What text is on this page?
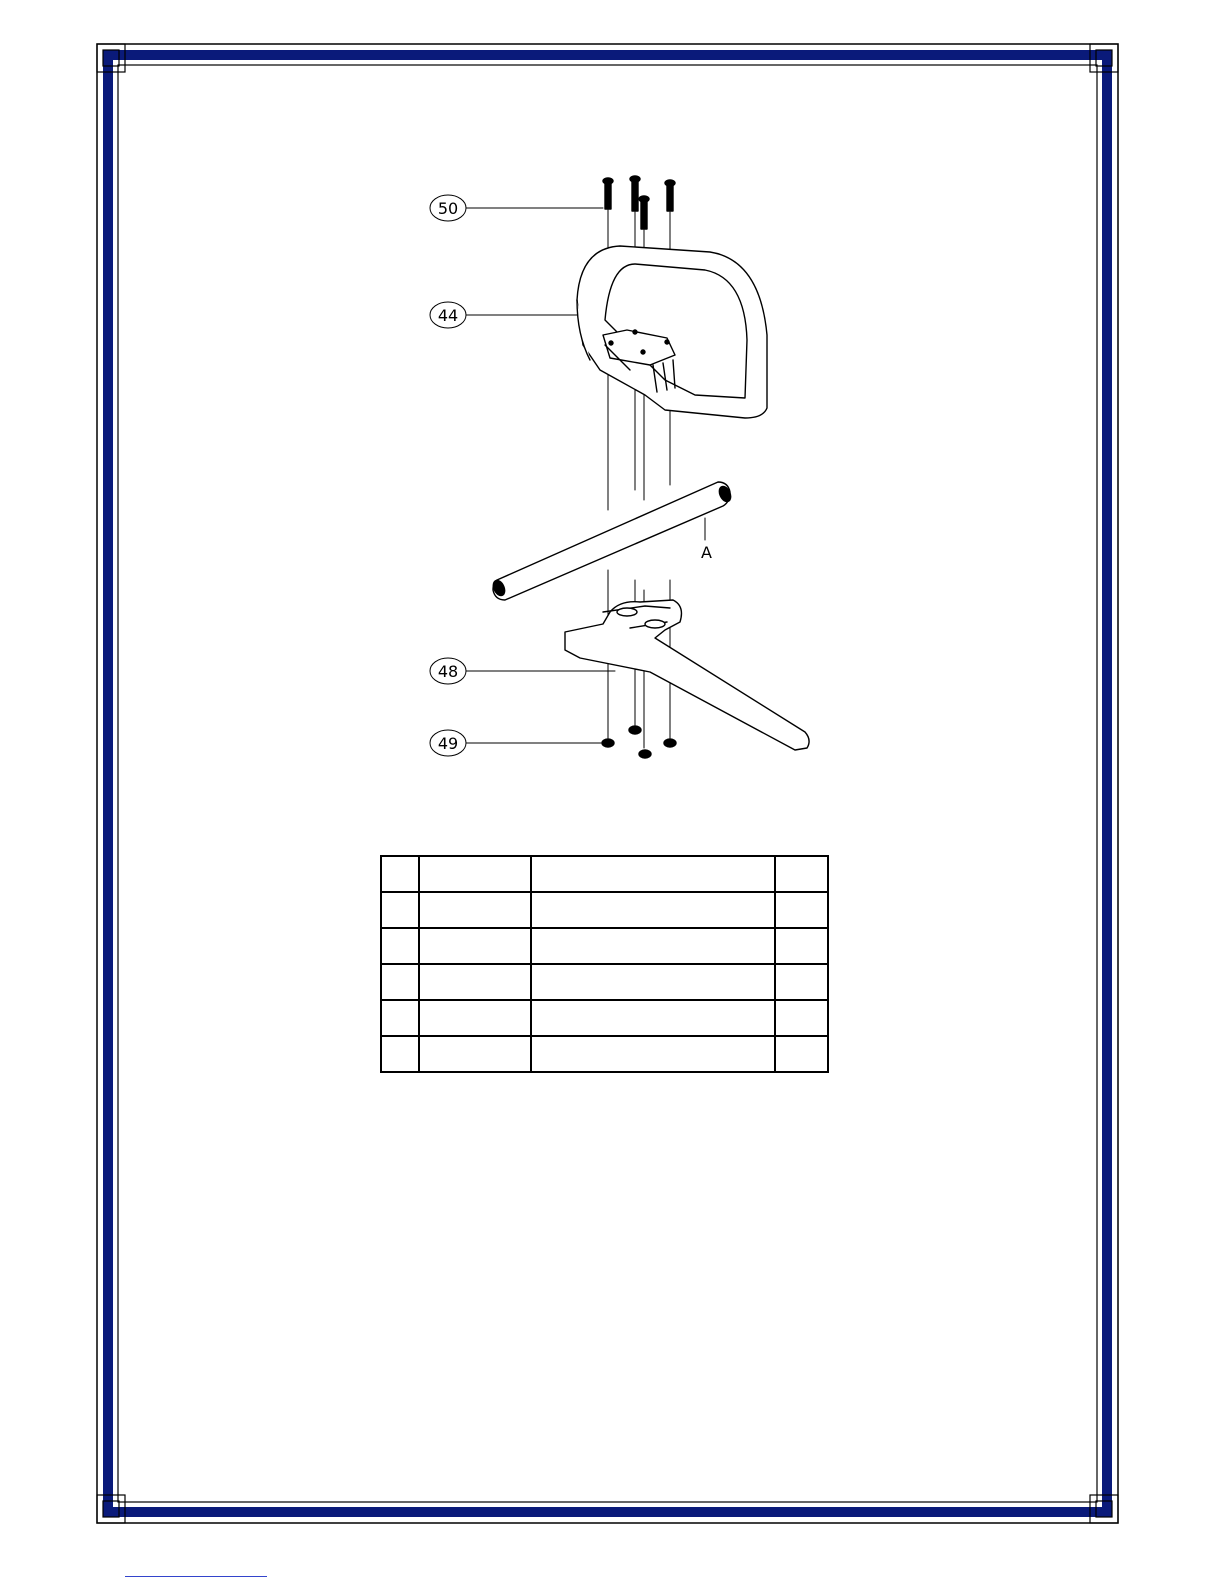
A
50
44
48
49
